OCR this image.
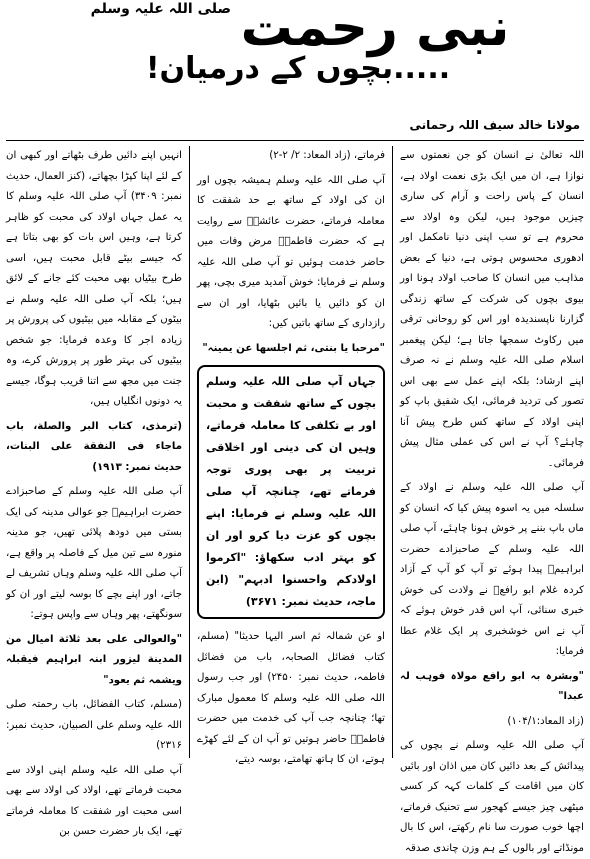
نبی رحمت صلی اللہ علیہ وسلم .....بچوں کے درمیان!
مولانا خالد سیف اللہ رحمانی

اللہ تعالیٰ نے انسان کو جن نعمتوں سے نوازا ہے، ان میں ایک بڑی نعمت اولاد ہے، انسان کے پاس راحت و آرام کی ساری چیزیں موجود ہیں، لیکن وہ اولاد سے محروم ہے تو سب اپنی دنیا نامکمل اور ادھوری محسوس ہوتی ہے، دنیا کے بعض مذاہب میں انسان کا صاحب اولاد ہونا اور بیوی بچوں کی شرکت کے ساتھ زندگی گزارنا ناپسندیدہ اور اس کو روحانی ترقی میں رکاوٹ سمجھا جاتا ہے؛ لیکن پیغمبر اسلام صلی اللہ علیہ وسلم نے نہ صرف اپنے ارشاد؛ بلکہ اپنے عمل سے بھی اس تصور کی تردید فرمائی، ایک شفیق باپ کو اپنی اولاد کے ساتھ کس طرح پیش آنا چاہئے؟ آپ نے اس کی عملی مثال پیش فرمائی۔

آپ صلی اللہ علیہ وسلم نے اولاد کے سلسلہ میں یہ اسوہ پیش کیا کہ انسان کو ماں باپ بننے پر خوش ہونا چاہئے، آپ صلی اللہ علیہ وسلم کے صاحبزادے حضرت ابراہیمؓ پیدا ہوئے تو آپ کو آپ کے آزاد کردہ غلام ابو رافعؓ نے ولادت کی خوش خبری سنائی، آپ اس قدر خوش ہوئے کہ آپ نے اس خوشخبری پر ایک غلام عطا فرمایا:

"وبشرہ بہ ابو رافع مولاہ فوہب لہ عبدا"

(زاد المعاد:۱۰۴/۱)

آپ صلی اللہ علیہ وسلم نے بچوں کی پیدائش کے بعد دائیں کان میں اذان اور بائیں کان میں اقامت کے کلمات کہہ کر کسی میٹھی چیز جیسے کھجور سے تحنیک فرماتے، اچھا خوب صورت سا نام رکھتے، اس کا بال مونڈاتے اور بالوں کے ہم وزن چاندی صدقہ

فرماتے، (زاد المعاد: ۲/ ۲-۲)

آپ صلی اللہ علیہ وسلم ہمیشہ بچوں اور ان کی اولاد کے ساتھ بے حد شفقت کا معاملہ فرماتے، حضرت عائشہؓ سے روایت ہے کہ حضرت فاطمہؓ مرض وفات میں حاضر خدمت ہوئیں تو آپ صلی اللہ علیہ وسلم نے فرمایا: خوش آمدید میری بچی، پھر ان کو دائیں یا بائیں بٹھایا، اور ان سے رازداری کے ساتھ باتیں کیں:

"مرحبا یا بنتی، ثم اجلسها عن یمینہ"

جہاں آپ صلی اللہ علیہ وسلم بچوں کے ساتھ شفقت و محبت اور بے تکلفی کا معاملہ فرماتے، وہیں ان کی دینی اور اخلاقی تربیت پر بھی پوری توجہ فرماتے تھے، چنانچہ آپ صلی اللہ علیہ وسلم نے فرمایا: اپنے بچوں کو عزت دیا کرو اور ان کو بہتر ادب سکھاؤ: "اکرموا اولادکم واحسنوا ادبہم" (ابن ماجہ، حدیث نمبر: ۳۶۷۱)

او عن شمالہ ثم اسر الیہا حدیثا" (مسلم، کتاب فضائل الصحابہ، باب من فضائل فاطمہ، حدیث نمبر: ۲۴۵۰) اور جب رسول اللہ صلی اللہ علیہ وسلم کا معمول مبارک تھا؛ چنانچہ جب آپ کی خدمت میں حضرت فاطمہؓ حاضر ہوتیں تو آپ ان کے لئے کھڑے ہوتے، ان کا ہاتھ تھامتے، بوسہ دیتے،

انہیں اپنے دائیں طرف بٹھاتے اور کبھی ان کے لئے اپنا کپڑا بچھاتے، (کنز العمال، حدیث نمبر: ۳۴۰۹) آپ صلی اللہ علیہ وسلم کا یہ عمل جہاں اولاد کی محبت کو ظاہر کرتا ہے، وہیں اس بات کو بھی بتاتا ہے کہ جیسے بیٹے قابل محبت ہیں، اسی طرح بیٹیاں بھی محبت کئے جانے کے لائق ہیں؛ بلکہ آپ صلی اللہ علیہ وسلم نے بیٹوں کے مقابلہ میں بیٹیوں کی پرورش پر زیادہ اجر کا وعدہ فرمایا: جو شخص بیٹیوں کی بہتر طور پر پرورش کرے، وہ جنت میں مجھ سے اتنا قریب ہوگا، جیسے یہ دونوں انگلیاں ہیں،

(ترمذی، کتاب البر والصلة، باب ماجاء فی النفقة علی البنات، حدیث نمبر: ۱۹۱۳)

آپ صلی اللہ علیہ وسلم کے صاحبزادے حضرت ابراہیمؓ جو عوالی مدینہ کی ایک بستی میں دودھ پلائی تھیں، جو مدینہ منورہ سے تین میل کے فاصلہ پر واقع ہے، آپ صلی اللہ علیہ وسلم وہاں تشریف لے جاتے، اور اپنے بچے کا بوسہ لیتے اور ان کو سونگھتے، پھر وہاں سے واپس ہوتے:

"والعوالی علی بعد ثلاثة امیال من المدینة لیزور ابنہ ابراہیم فیقبلہ ویشمہ ثم یعود"

(مسلم، کتاب الفضائل، باب رحمتہ صلی اللہ علیہ وسلم علی الصبیان، حدیث نمبر: ۲۳۱۶)

آپ صلی اللہ علیہ وسلم اپنی اولاد سے محبت فرماتے تھے، اولاد کی اولاد سے بھی اسی محبت اور شفقت کا معاملہ فرماتے تھے، ایک بار حضرت حسن بن
